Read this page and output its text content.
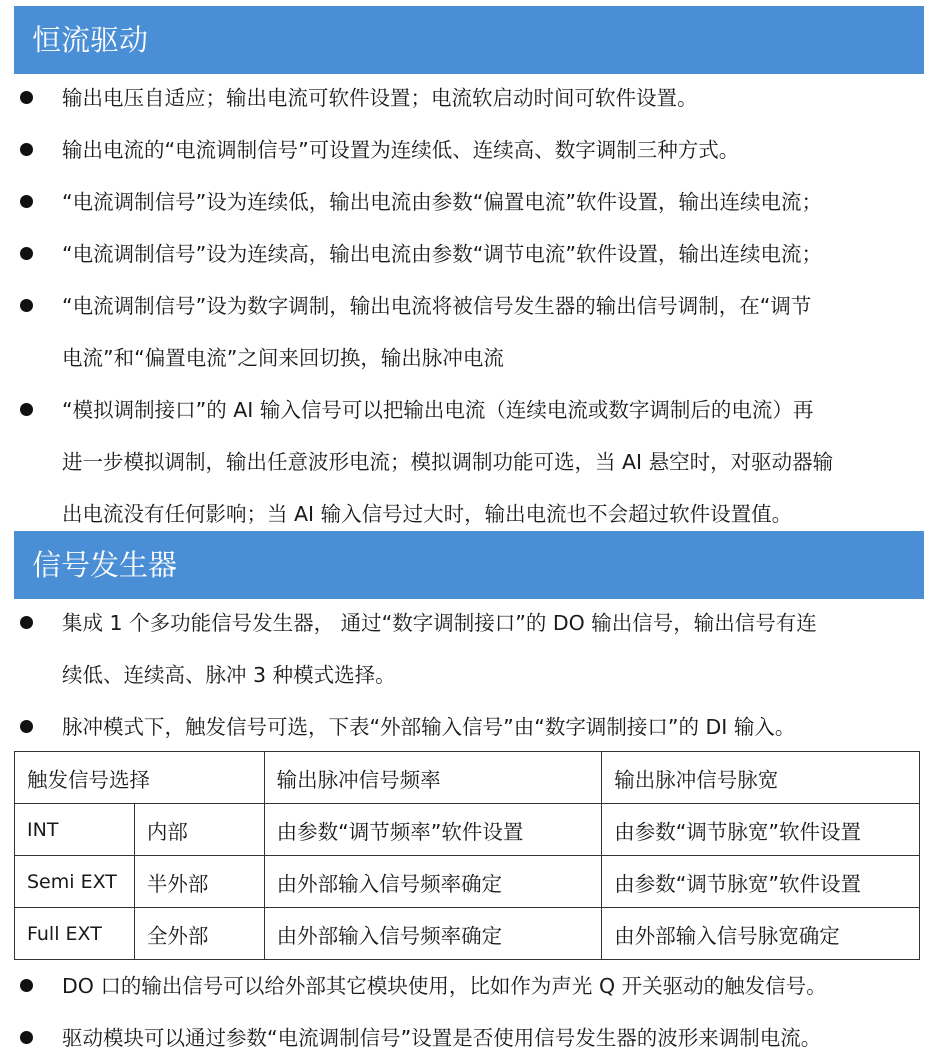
恒流驱动
输出电压自适应；输出电流可软件设置；电流软启动时间可软件设置。
输出电流的“电流调制信号”可设置为连续低、连续高、数字调制三种方式。
“电流调制信号”设为连续低，输出电流由参数“偏置电流”软件设置，输出连续电流；
“电流调制信号”设为连续高，输出电流由参数“调节电流”软件设置，输出连续电流；
“电流调制信号”设为数字调制，输出电流将被信号发生器的输出信号调制，在“调节
电流”和“偏置电流”之间来回切换，输出脉冲电流
“模拟调制接口”的 AI 输入信号可以把输出电流（连续电流或数字调制后的电流）再
进一步模拟调制，输出任意波形电流；模拟调制功能可选，当 AI 悬空时，对驱动器输
出电流没有任何影响；当 AI 输入信号过大时，输出电流也不会超过软件设置值。
信号发生器
集成 1 个多功能信号发生器， 通过“数字调制接口”的 DO 输出信号，输出信号有连
续低、连续高、脉冲 3 种模式选择。
脉冲模式下，触发信号可选，下表“外部输入信号”由“数字调制接口”的 DI 输入。
触发信号选择		输出脉冲信号频率	输出脉冲信号脉宽
INT	内部	由参数“调节频率”软件设置	由参数“调节脉宽”软件设置
Semi EXT	半外部	由外部输入信号频率确定	由参数“调节脉宽”软件设置
Full EXT	全外部	由外部输入信号频率确定	由外部输入信号脉宽确定
DO 口的输出信号可以给外部其它模块使用，比如作为声光 Q 开关驱动的触发信号。
驱动模块可以通过参数“电流调制信号”设置是否使用信号发生器的波形来调制电流。
